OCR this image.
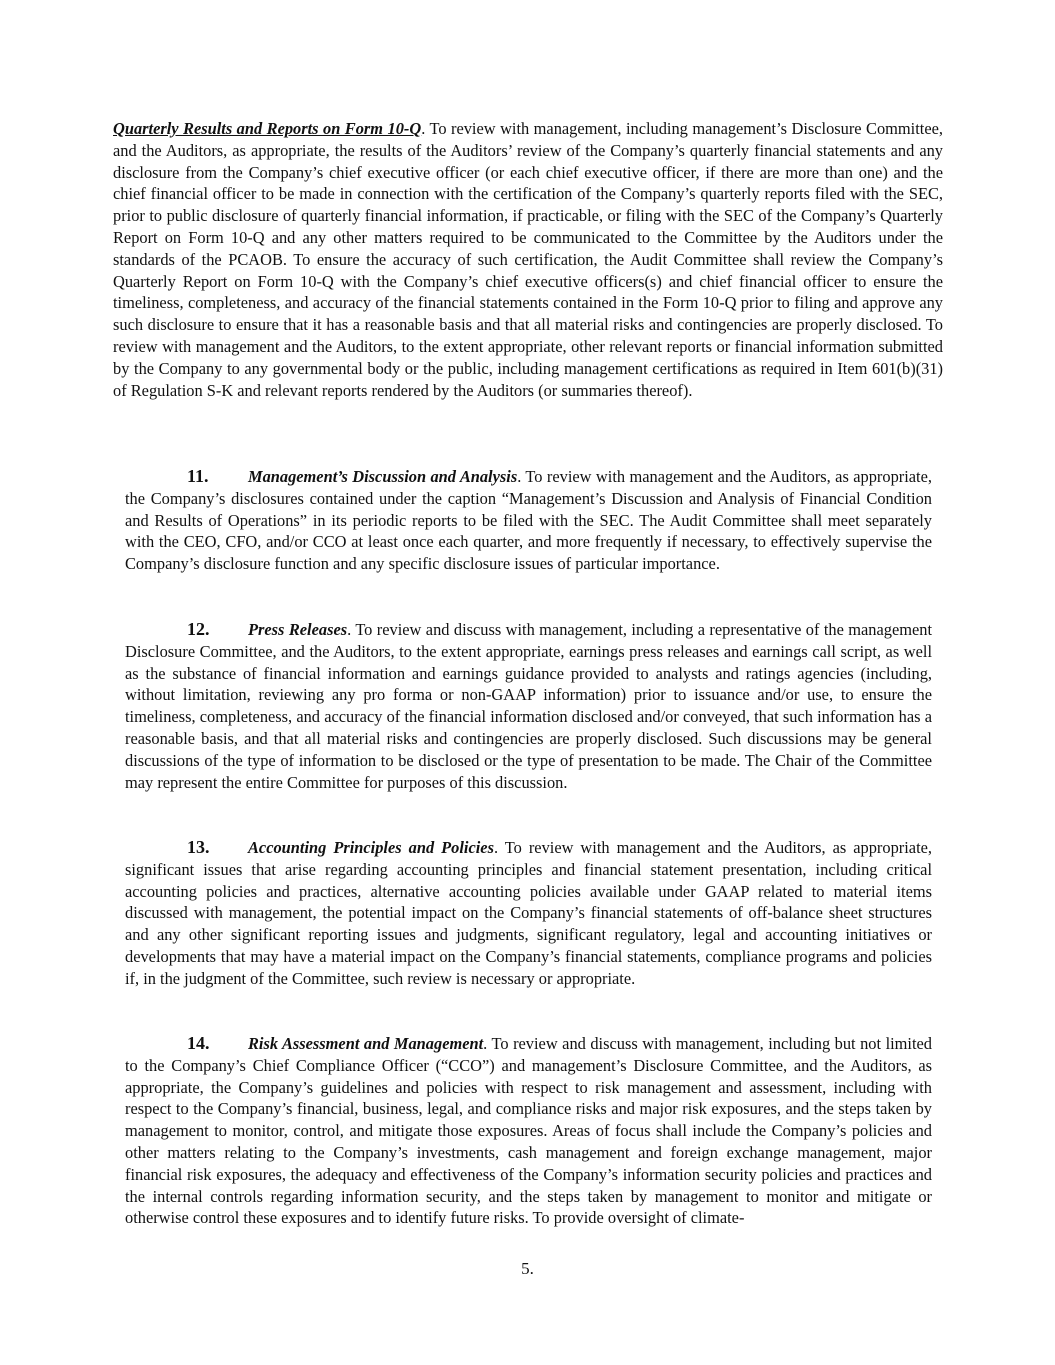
Quarterly Results and Reports on Form 10-Q. To review with management, including management’s Disclosure Committee, and the Auditors, as appropriate, the results of the Auditors’ review of the Company’s quarterly financial statements and any disclosure from the Company’s chief executive officer (or each chief executive officer, if there are more than one) and the chief financial officer to be made in connection with the certification of the Company’s quarterly reports filed with the SEC, prior to public disclosure of quarterly financial information, if practicable, or filing with the SEC of the Company’s Quarterly Report on Form 10-Q and any other matters required to be communicated to the Committee by the Auditors under the standards of the PCAOB. To ensure the accuracy of such certification, the Audit Committee shall review the Company’s Quarterly Report on Form 10-Q with the Company’s chief executive officers(s) and chief financial officer to ensure the timeliness, completeness, and accuracy of the financial statements contained in the Form 10-Q prior to filing and approve any such disclosure to ensure that it has a reasonable basis and that all material risks and contingencies are properly disclosed. To review with management and the Auditors, to the extent appropriate, other relevant reports or financial information submitted by the Company to any governmental body or the public, including management certifications as required in Item 601(b)(31) of Regulation S-K and relevant reports rendered by the Auditors (or summaries thereof).

11. Management’s Discussion and Analysis. To review with management and the Auditors, as appropriate, the Company’s disclosures contained under the caption “Management’s Discussion and Analysis of Financial Condition and Results of Operations” in its periodic reports to be filed with the SEC. The Audit Committee shall meet separately with the CEO, CFO, and/or CCO at least once each quarter, and more frequently if necessary, to effectively supervise the Company’s disclosure function and any specific disclosure issues of particular importance.

12. Press Releases. To review and discuss with management, including a representative of the management Disclosure Committee, and the Auditors, to the extent appropriate, earnings press releases and earnings call script, as well as the substance of financial information and earnings guidance provided to analysts and ratings agencies (including, without limitation, reviewing any pro forma or non-GAAP information) prior to issuance and/or use, to ensure the timeliness, completeness, and accuracy of the financial information disclosed and/or conveyed, that such information has a reasonable basis, and that all material risks and contingencies are properly disclosed. Such discussions may be general discussions of the type of information to be disclosed or the type of presentation to be made. The Chair of the Committee may represent the entire Committee for purposes of this discussion.

13. Accounting Principles and Policies. To review with management and the Auditors, as appropriate, significant issues that arise regarding accounting principles and financial statement presentation, including critical accounting policies and practices, alternative accounting policies available under GAAP related to material items discussed with management, the potential impact on the Company’s financial statements of off-balance sheet structures and any other significant reporting issues and judgments, significant regulatory, legal and accounting initiatives or developments that may have a material impact on the Company’s financial statements, compliance programs and policies if, in the judgment of the Committee, such review is necessary or appropriate.

14. Risk Assessment and Management. To review and discuss with management, including but not limited to the Company’s Chief Compliance Officer (“CCO”) and management’s Disclosure Committee, and the Auditors, as appropriate, the Company’s guidelines and policies with respect to risk management and assessment, including with respect to the Company’s financial, business, legal, and compliance risks and major risk exposures, and the steps taken by management to monitor, control, and mitigate those exposures. Areas of focus shall include the Company’s policies and other matters relating to the Company’s investments, cash management and foreign exchange management, major financial risk exposures, the adequacy and effectiveness of the Company’s information security policies and practices and the internal controls regarding information security, and the steps taken by management to monitor and mitigate or otherwise control these exposures and to identify future risks. To provide oversight of climate-

5.
